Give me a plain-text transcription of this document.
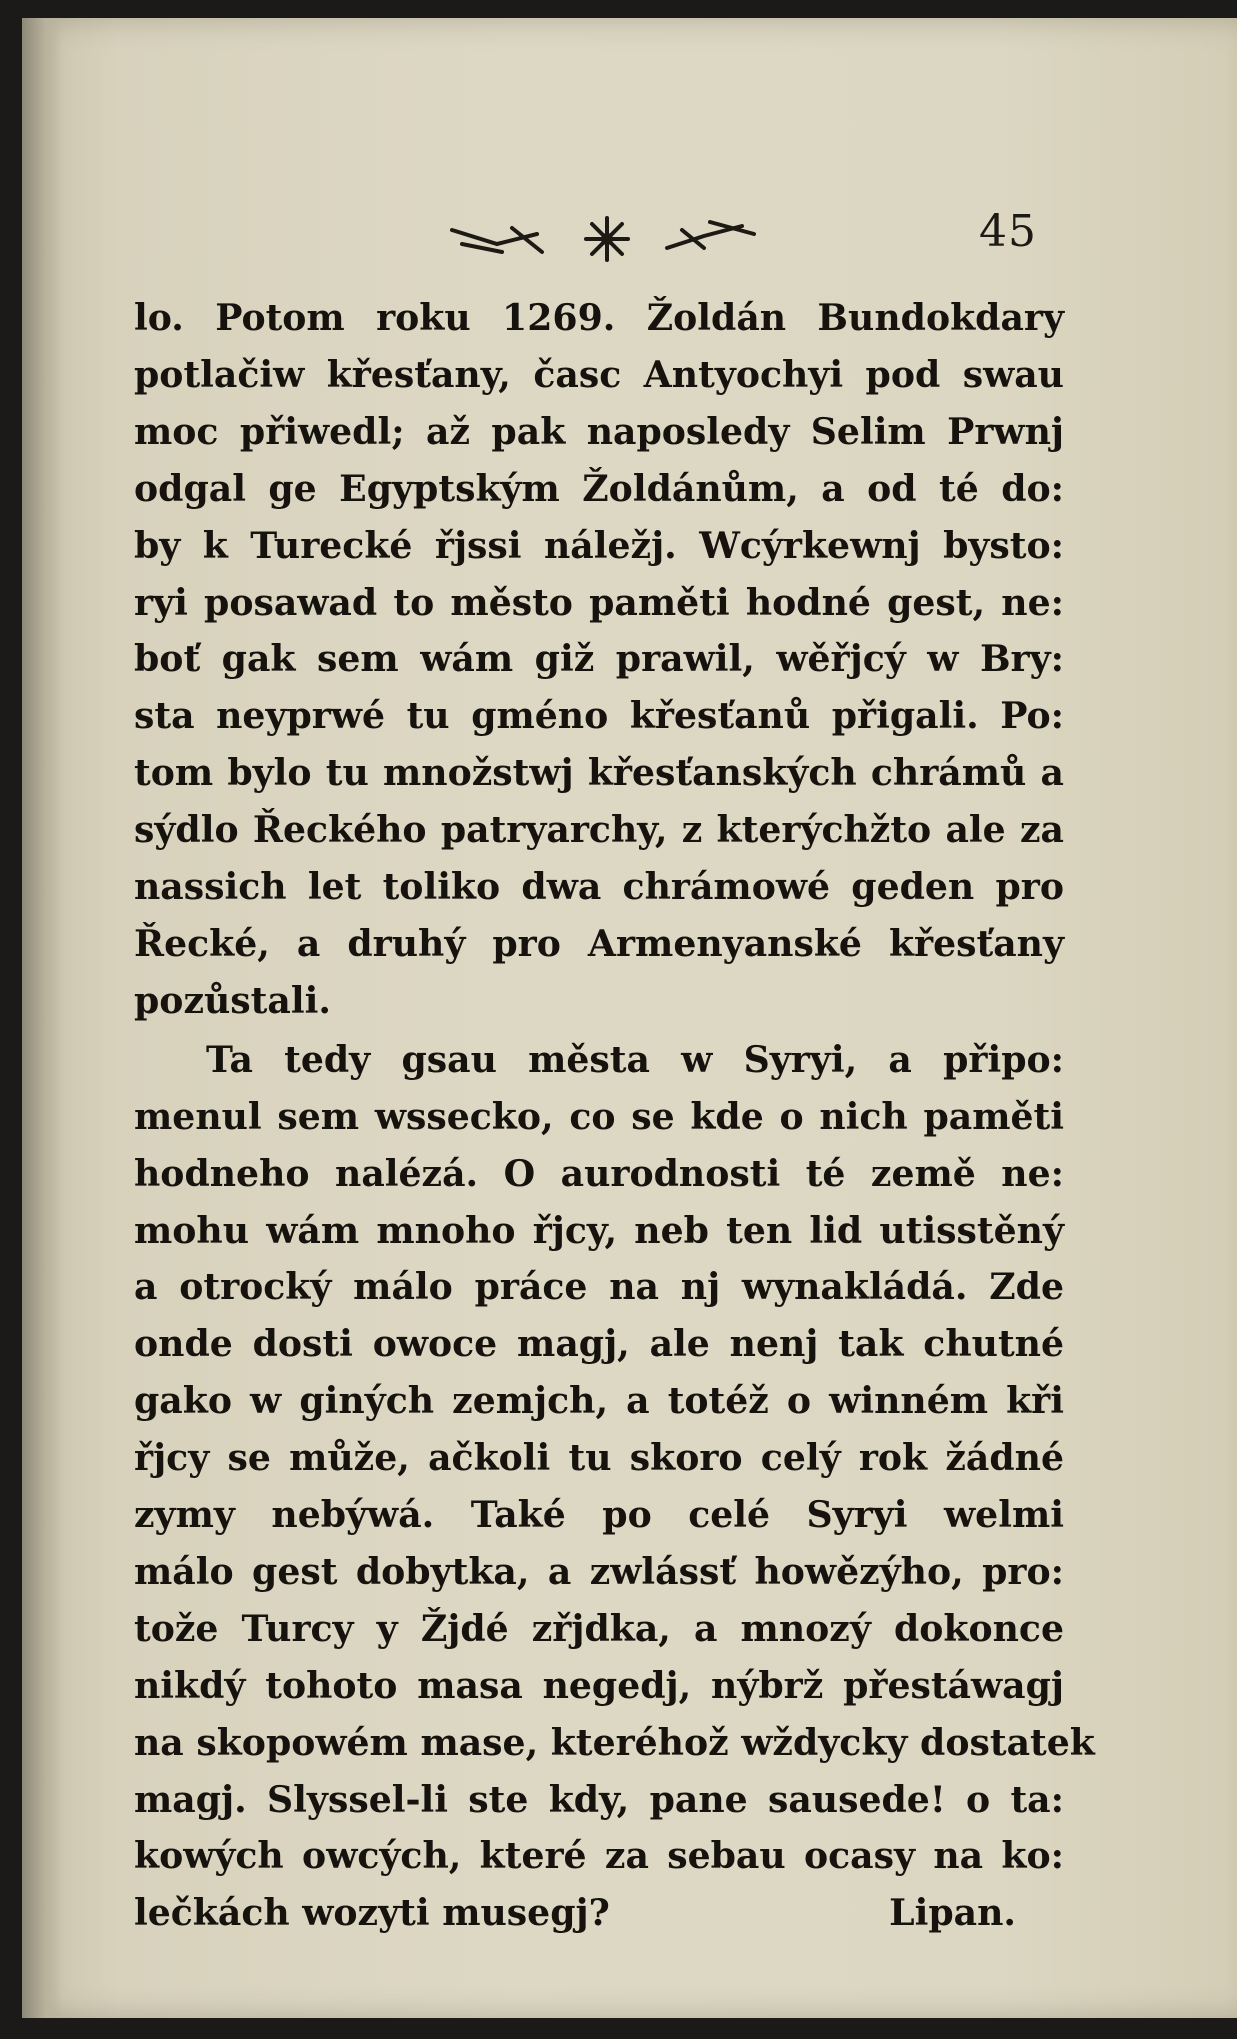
45
lo. Potom roku 1269. Žoldán Bundokdary
potlačiw křesťany, časc Antyochyi pod swau
moc přiwedl; až pak naposledy Selim Prwnj
odgal ge Egyptským Žoldánům, a od té do:
by k Turecké řjssi náležj. Wcýrkewnj bysto:
ryi posawad to město paměti hodné gest, ne:
boť gak sem wám giž prawil, wěřjcý w Bry:
sta neyprwé tu gméno křesťanů přigali. Po:
tom bylo tu množstwj křesťanských chrámů a
sýdlo Řeckého patryarchy, z kterýchžto ale za
nassich let toliko dwa chrámowé geden pro
Řecké, a druhý pro Armenyanské křesťany
pozůstali.
Ta tedy gsau města w Syryi, a připo:
menul sem wssecko, co se kde o nich paměti
hodneho nalézá. O aurodnosti té země ne:
mohu wám mnoho řjcy, neb ten lid utisstěný
a otrocký málo práce na nj wynakládá. Zde
onde dosti owoce magj, ale nenj tak chutné
gako w giných zemjch, a totéž o winném kři
řjcy se může, ačkoli tu skoro celý rok žádné
zymy nebýwá. Také po celé Syryi welmi
málo gest dobytka, a zwlássť howězýho, pro:
tože Turcy y Žjdé zřjdka, a mnozý dokonce
nikdý tohoto masa negedj, nýbrž přestáwagj
na skopowém mase, kteréhož wždycky dostatek
magj. Slyssel-li ste kdy, pane sausede! o ta:
kowých owcých, které za sebau ocasy na ko:
lečkách wozyti musegj?	Lipan.
